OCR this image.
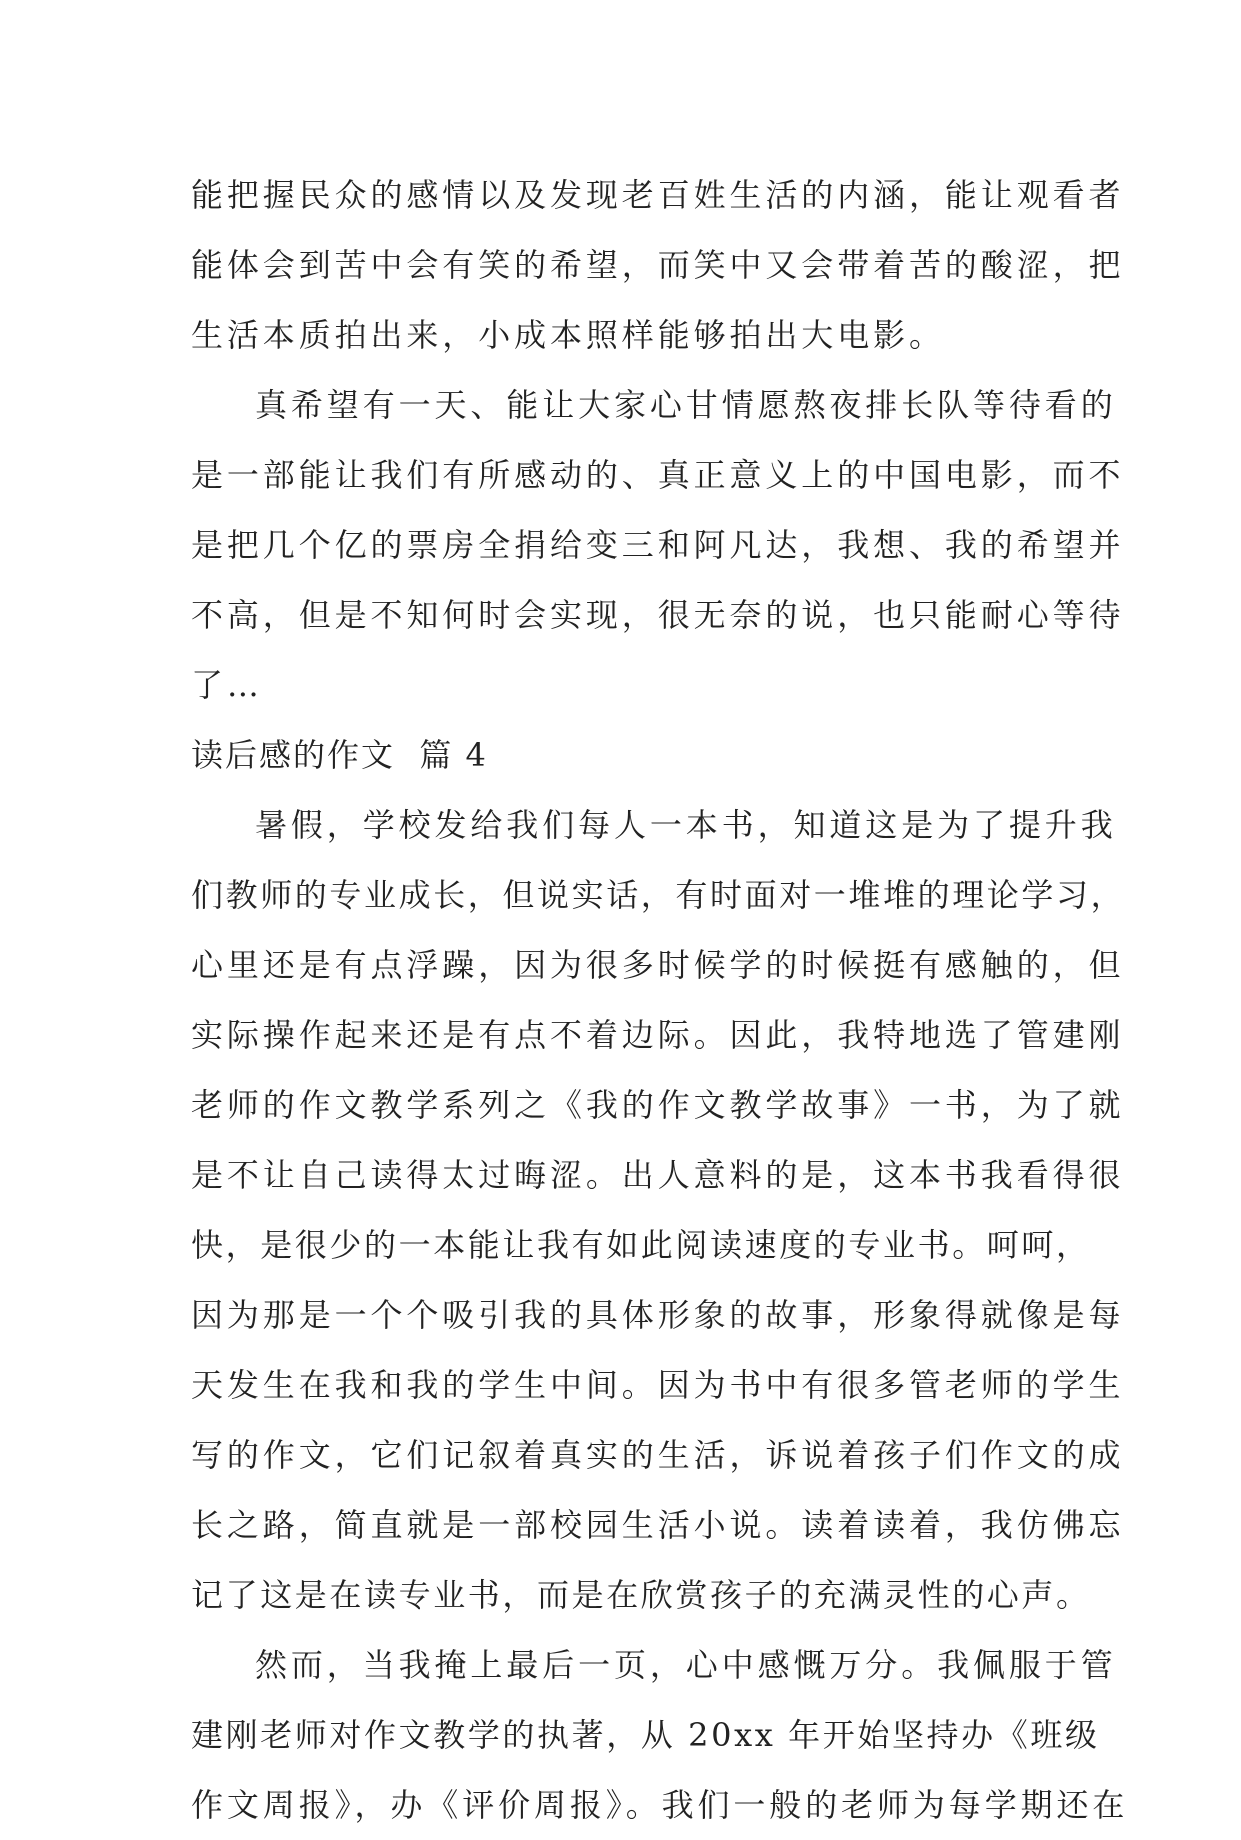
能把握民众的感情以及发现老百姓生活的内涵，能让观看者
能体会到苦中会有笑的希望，而笑中又会带着苦的酸涩，把
生活本质拍出来，小成本照样能够拍出大电影。
真希望有一天、能让大家心甘情愿熬夜排长队等待看的
是一部能让我们有所感动的、真正意义上的中国电影，而不
是把几个亿的票房全捐给变三和阿凡达，我想、我的希望并
不高，但是不知何时会实现，很无奈的说，也只能耐心等待
了…
读后感的作文  篇 4
暑假，学校发给我们每人一本书，知道这是为了提升我
们教师的专业成长，但说实话，有时面对一堆堆的理论学习，
心里还是有点浮躁，因为很多时候学的时候挺有感触的，但
实际操作起来还是有点不着边际。因此，我特地选了管建刚
老师的作文教学系列之《我的作文教学故事》一书，为了就
是不让自己读得太过晦涩。出人意料的是，这本书我看得很
快，是很少的一本能让我有如此阅读速度的专业书。呵呵，
因为那是一个个吸引我的具体形象的故事，形象得就像是每
天发生在我和我的学生中间。因为书中有很多管老师的学生
写的作文，它们记叙着真实的生活，诉说着孩子们作文的成
长之路，简直就是一部校园生活小说。读着读着，我仿佛忘
记了这是在读专业书，而是在欣赏孩子的充满灵性的心声。
然而，当我掩上最后一页，心中感慨万分。我佩服于管
建刚老师对作文教学的执著，从 20xx 年开始坚持办《班级
作文周报》，办《评价周报》。我们一般的老师为每学期还在
